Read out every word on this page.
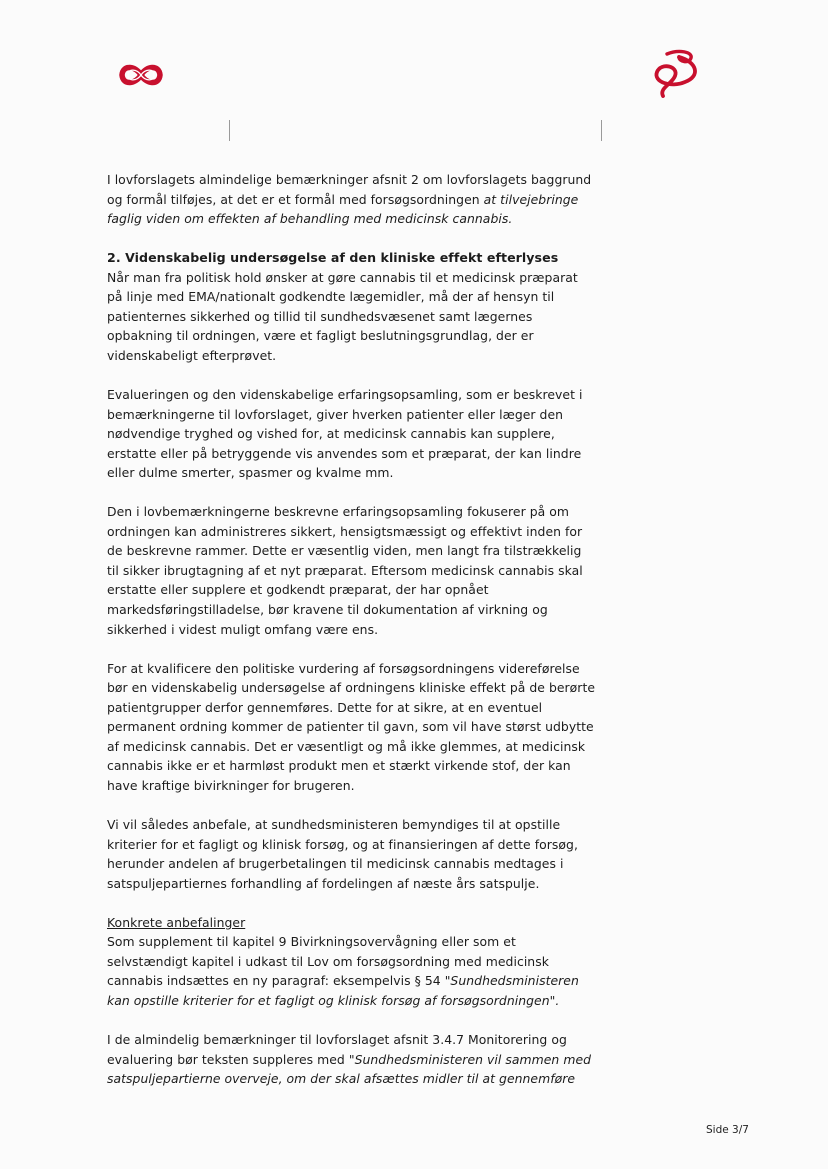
I lovforslagets almindelige bemærkninger afsnit 2 om lovforslagets baggrund og formål tilføjes, at det er et formål med forsøgsordningen at tilvejebringe faglig viden om effekten af behandling med medicinsk cannabis.

2. Videnskabelig undersøgelse af den kliniske effekt efterlyses

Når man fra politisk hold ønsker at gøre cannabis til et medicinsk præparat på linje med EMA/nationalt godkendte lægemidler, må der af hensyn til patienternes sikkerhed og tillid til sundhedsvæsenet samt lægernes opbakning til ordningen, være et fagligt beslutningsgrundlag, der er videnskabeligt efterprøvet.

Evalueringen og den videnskabelige erfaringsopsamling, som er beskrevet i bemærkningerne til lovforslaget, giver hverken patienter eller læger den nødvendige tryghed og vished for, at medicinsk cannabis kan supplere, erstatte eller på betryggende vis anvendes som et præparat, der kan lindre eller dulme smerter, spasmer og kvalme mm.

Den i lovbemærkningerne beskrevne erfaringsopsamling fokuserer på om ordningen kan administreres sikkert, hensigtsmæssigt og effektivt inden for de beskrevne rammer. Dette er væsentlig viden, men langt fra tilstrækkelig til sikker ibrugtagning af et nyt præparat. Eftersom medicinsk cannabis skal erstatte eller supplere et godkendt præparat, der har opnået markedsføringstilladelse, bør kravene til dokumentation af virkning og sikkerhed i videst muligt omfang være ens.

For at kvalificere den politiske vurdering af forsøgsordningens videreførelse bør en videnskabelig undersøgelse af ordningens kliniske effekt på de berørte patientgrupper derfor gennemføres. Dette for at sikre, at en eventuel permanent ordning kommer de patienter til gavn, som vil have størst udbytte af medicinsk cannabis. Det er væsentligt og må ikke glemmes, at medicinsk cannabis ikke er et harmløst produkt men et stærkt virkende stof, der kan have kraftige bivirkninger for brugeren.

Vi vil således anbefale, at sundhedsministeren bemyndiges til at opstille kriterier for et fagligt og klinisk forsøg, og at finansieringen af dette forsøg, herunder andelen af brugerbetalingen til medicinsk cannabis medtages i satspuljepartiernes forhandling af fordelingen af næste års satspulje.

Konkrete anbefalinger

Som supplement til kapitel 9 Bivirkningsovervågning eller som et selvstændigt kapitel i udkast til Lov om forsøgsordning med medicinsk cannabis indsættes en ny paragraf: eksempelvis § 54 "Sundhedsministeren kan opstille kriterier for et fagligt og klinisk forsøg af forsøgsordningen".

I de almindelig bemærkninger til lovforslaget afsnit 3.4.7 Monitorering og evaluering bør teksten suppleres med "Sundhedsministeren vil sammen med satspuljepartierne overveje, om der skal afsættes midler til at gennemføre

Side 3/7
